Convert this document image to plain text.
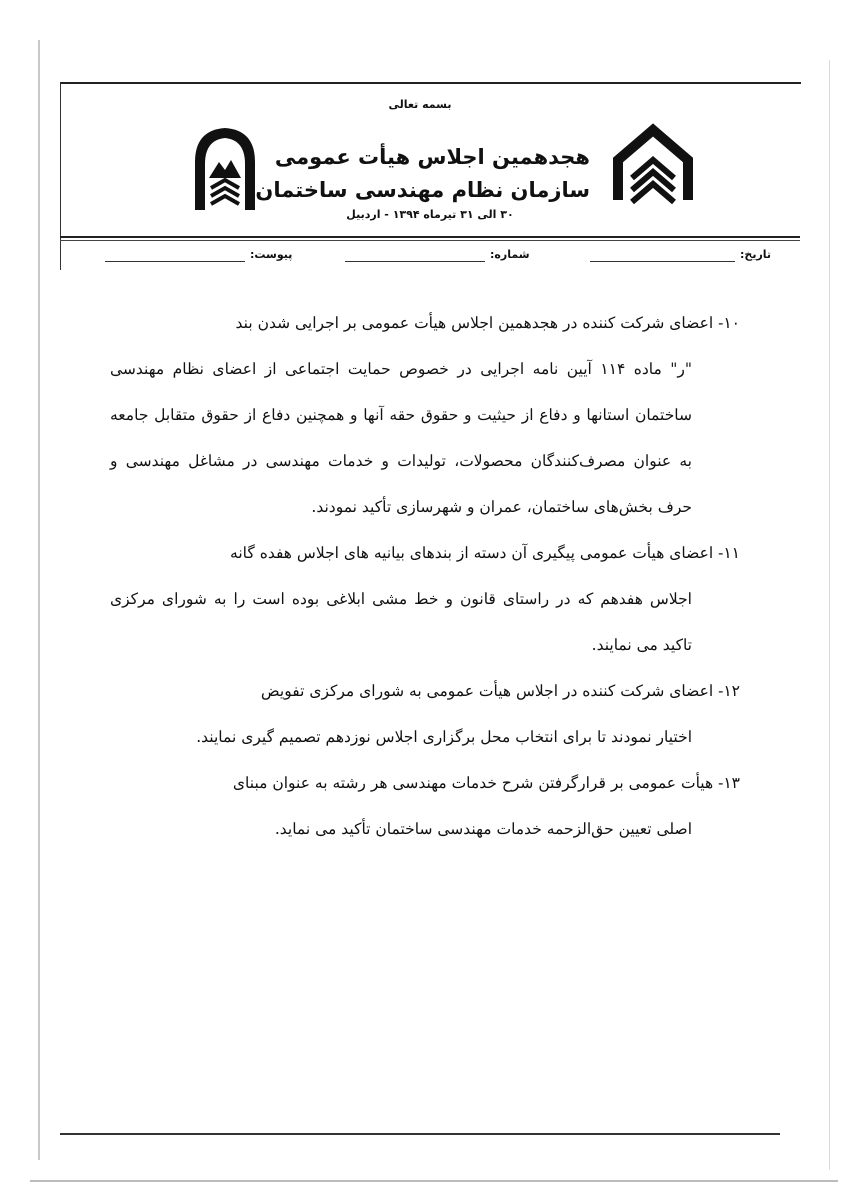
بسمه تعالی
هجدهمین اجلاس هیأت عمومی
سازمان نظام مهندسی ساختمان
۳۰ الی ۳۱ تیرماه ۱۳۹۴ - اردبیل
تاریخ:
شماره:
پیوست:

۱۰- اعضای شرکت کننده در هجدهمین اجلاس هیأت عمومی بر اجرایی شدن بند

"ر" ماده ۱۱۴ آیین نامه اجرایی در خصوص حمایت اجتماعی از اعضای نظام مهندسی ساختمان استانها و دفاع از حیثیت و حقوق حقه آنها و همچنین دفاع از حقوق متقابل جامعه به عنوان مصرف‌کنندگان محصولات، تولیدات و خدمات مهندسی در مشاغل مهندسی و حرف بخش‌های ساختمان، عمران و شهرسازی تأکید نمودند.

۱۱- اعضای هیأت عمومی پیگیری آن دسته از بندهای بیانیه های اجلاس هفده گانه

اجلاس هفدهم که در راستای قانون و خط مشی ابلاغی بوده است را به شورای مرکزی تاکید می نمایند.

۱۲- اعضای شرکت کننده در اجلاس هیأت عمومی به شورای مرکزی تفویض

اختیار نمودند تا برای انتخاب محل برگزاری اجلاس نوزدهم تصمیم گیری نمایند.

۱۳- هیأت عمومی بر قرارگرفتن شرح خدمات مهندسی هر رشته به عنوان مبنای

اصلی تعیین حق‌الزحمه خدمات مهندسی ساختمان تأکید می نماید.
